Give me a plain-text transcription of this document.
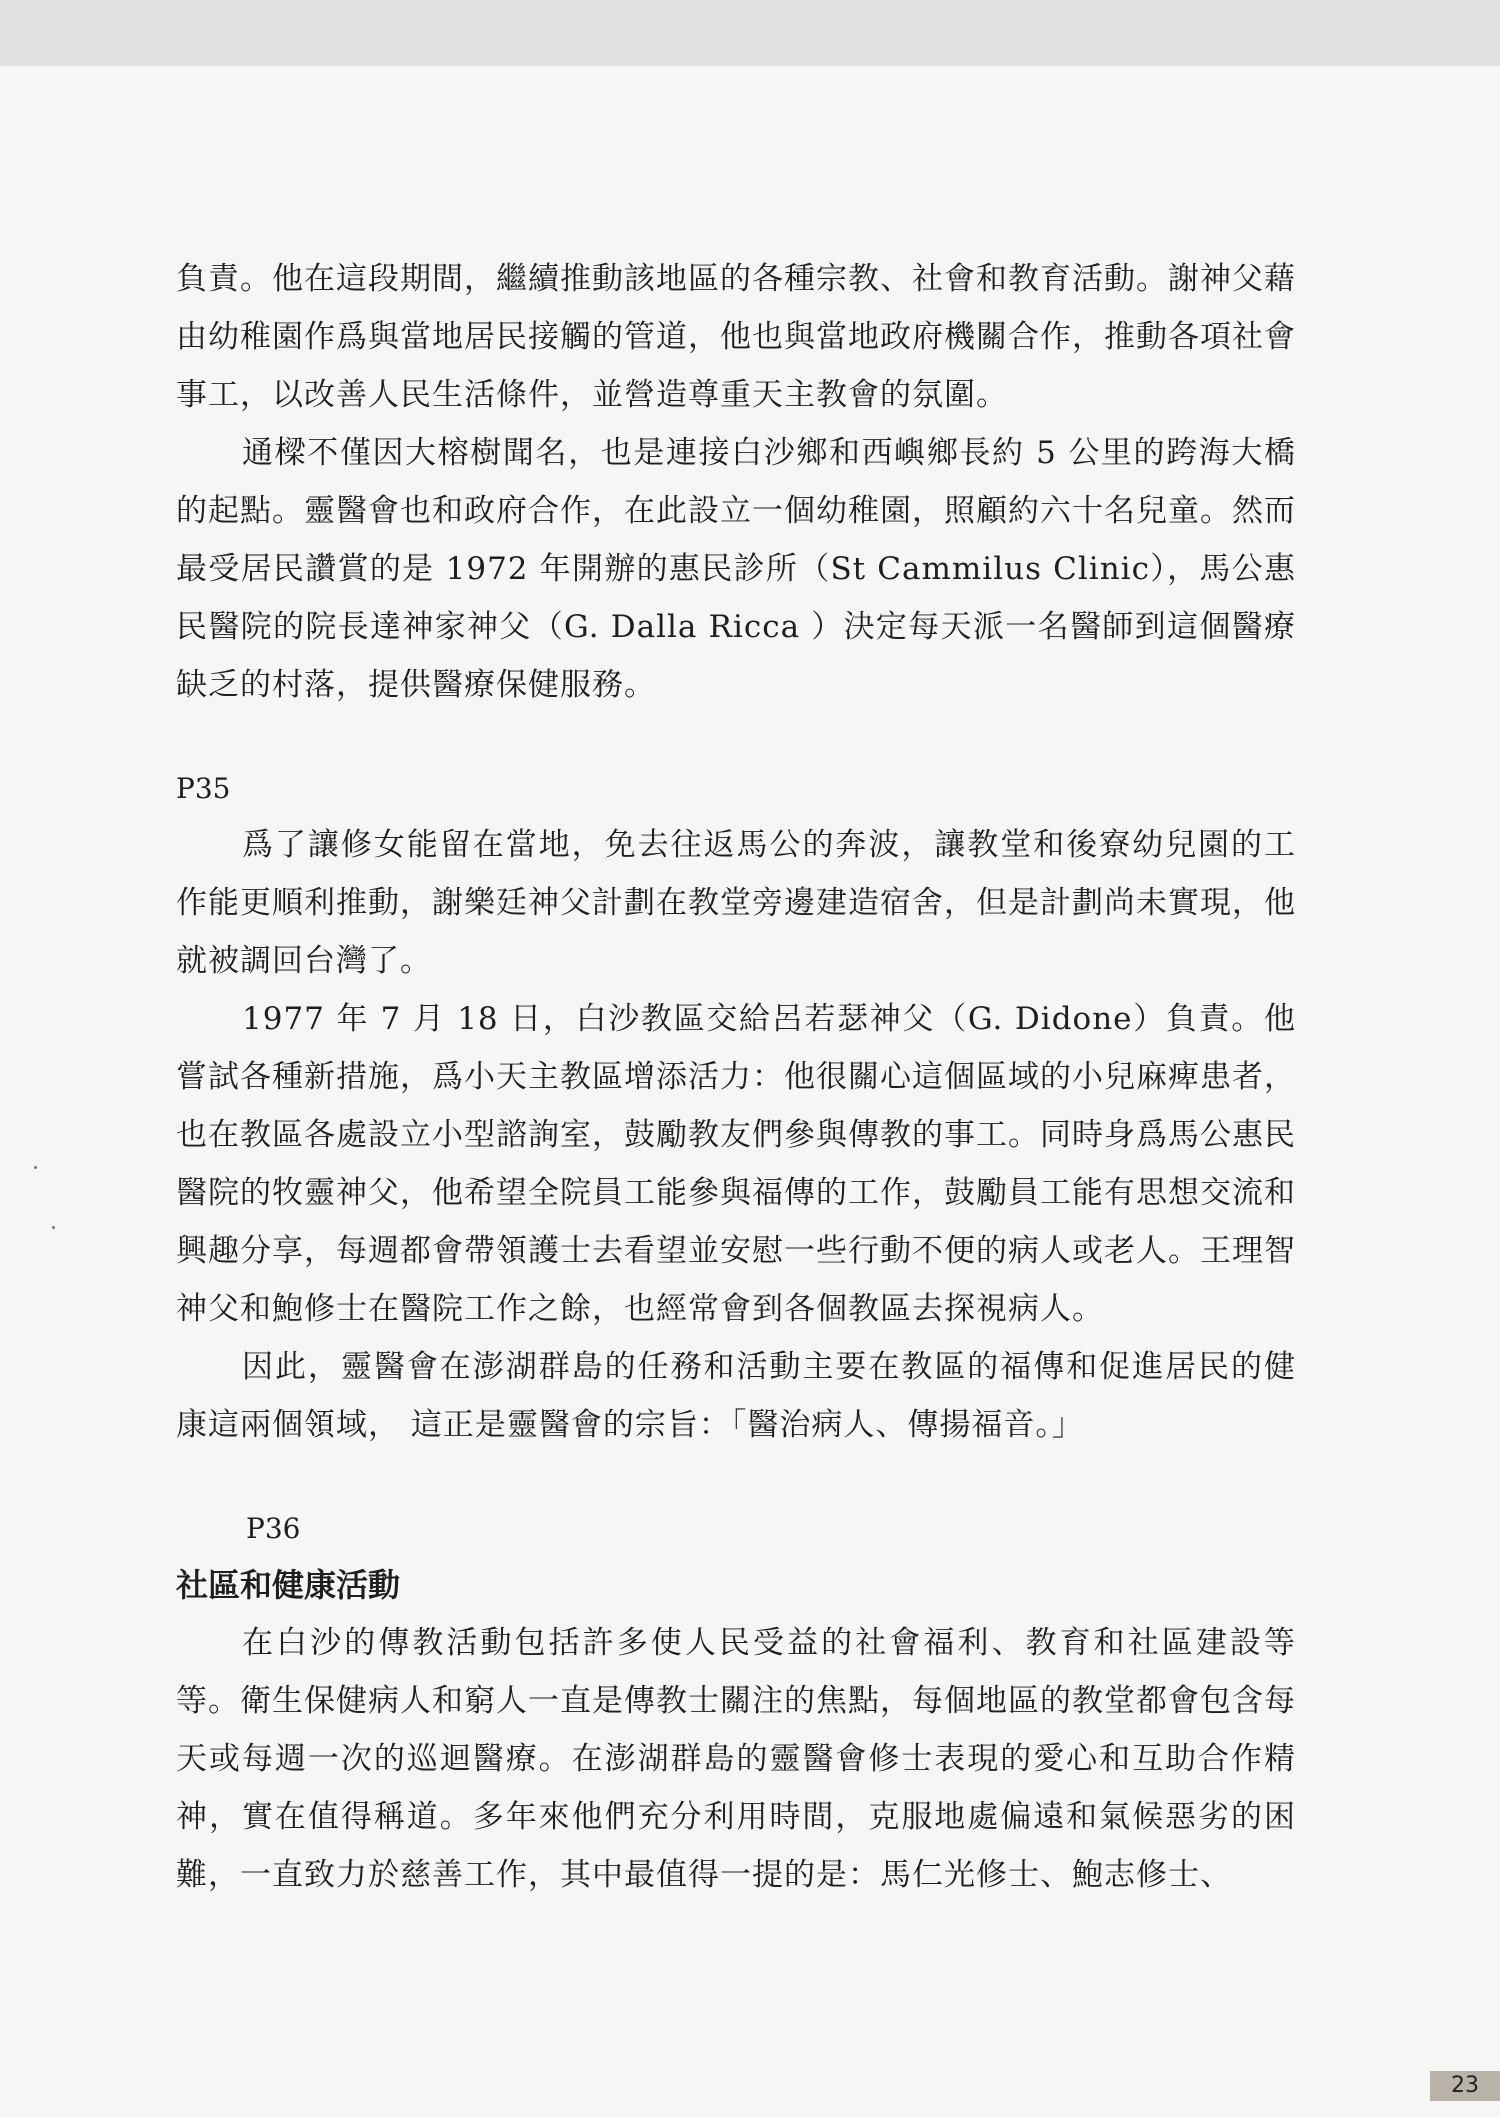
23

負責。他在這段期間，繼續推動該地區的各種宗教、社會和教育活動。謝神父藉由幼稚園作爲與當地居民接觸的管道，他也與當地政府機關合作，推動各項社會事工，以改善人民生活條件，並營造尊重天主教會的氛圍。

通樑不僅因大榕樹聞名，也是連接白沙鄉和西嶼鄉長約 5 公里的跨海大橋的起點。靈醫會也和政府合作，在此設立一個幼稚園，照顧約六十名兒童。然而最受居民讚賞的是 1972 年開辦的惠民診所（St Cammilus Clinic），馬公惠民醫院的院長達神家神父（G. Dalla Ricca ）決定每天派一名醫師到這個醫療缺乏的村落，提供醫療保健服務。

P35

爲了讓修女能留在當地，免去往返馬公的奔波，讓教堂和後寮幼兒園的工作能更順利推動，謝樂廷神父計劃在教堂旁邊建造宿舍，但是計劃尚未實現，他就被調回台灣了。

1977 年 7 月 18 日，白沙教區交給呂若瑟神父（G. Didone）負責。他嘗試各種新措施，爲小天主教區增添活力：他很關心這個區域的小兒麻痺患者，也在教區各處設立小型諮詢室，鼓勵教友們參與傳教的事工。同時身爲馬公惠民醫院的牧靈神父，他希望全院員工能參與福傳的工作，鼓勵員工能有思想交流和興趣分享，每週都會帶領護士去看望並安慰一些行動不便的病人或老人。王理智神父和鮑修士在醫院工作之餘，也經常會到各個教區去探視病人。

因此，靈醫會在澎湖群島的任務和活動主要在教區的福傳和促進居民的健康這兩個領域， 這正是靈醫會的宗旨：「醫治病人、傳揚福音。」

P36

社區和健康活動

在白沙的傳教活動包括許多使人民受益的社會福利、教育和社區建設等等。衛生保健病人和窮人一直是傳教士關注的焦點，每個地區的教堂都會包含每天或每週一次的巡迴醫療。在澎湖群島的靈醫會修士表現的愛心和互助合作精神，實在值得稱道。多年來他們充分利用時間，克服地處偏遠和氣候惡劣的困難，一直致力於慈善工作，其中最值得一提的是：馬仁光修士、鮑志修士、
